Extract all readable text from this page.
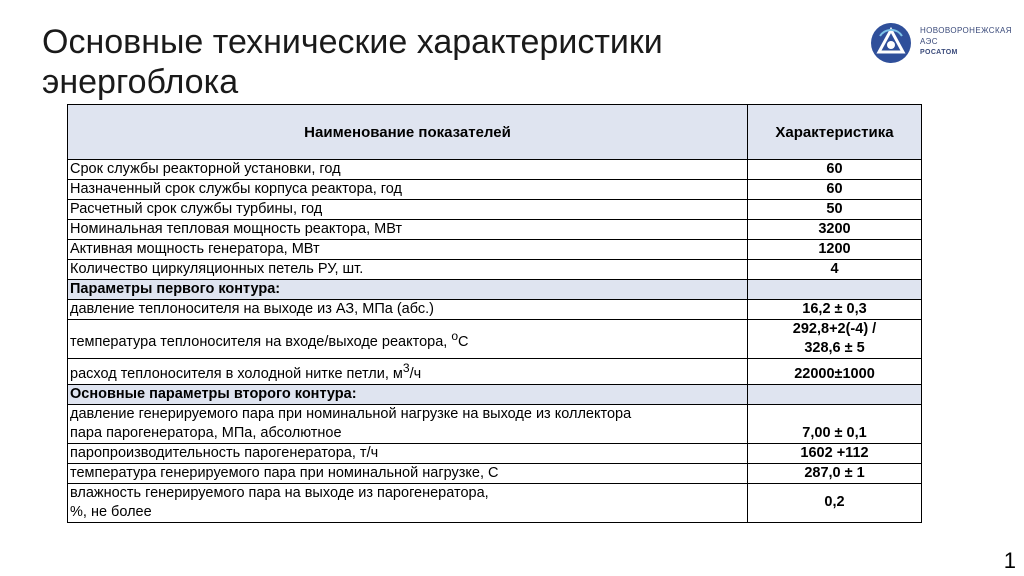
Основные технические характеристики
энергоблока
НОВОВОРОНЕЖСКАЯ
АЭС
РОСАТОМ
Наименование показателей	Характеристика
Срок службы реакторной установки, год	60
Назначенный срок службы корпуса реактора, год	60
Расчетный срок службы турбины, год	50
Номинальная тепловая мощность реактора, МВт	3200
Активная мощность генератора, МВт	1200
Количество циркуляционных петель РУ, шт.	4
Параметры первого контура:	
давление теплоносителя на выходе из АЗ, МПа (абс.)	16,2 ± 0,3
температура теплоносителя на входе/выходе реактора, $^о$С	292,8+2(-4) /
328,6 ± 5
расход теплоносителя в холодной нитке петли, $м^3/ч$	22000±1000
Основные параметры второго контура:	
давление генерируемого пара при номинальной нагрузке на выходе из коллектора
пара парогенератора, МПа, абсолютное	7,00 ± 0,1
паропроизводительность парогенератора, т/ч	1602 +112
температура генерируемого пара при номинальной нагрузке, С	287,0 ± 1
влажность генерируемого пара на выходе из парогенератора,
%, не более	0,2
1
